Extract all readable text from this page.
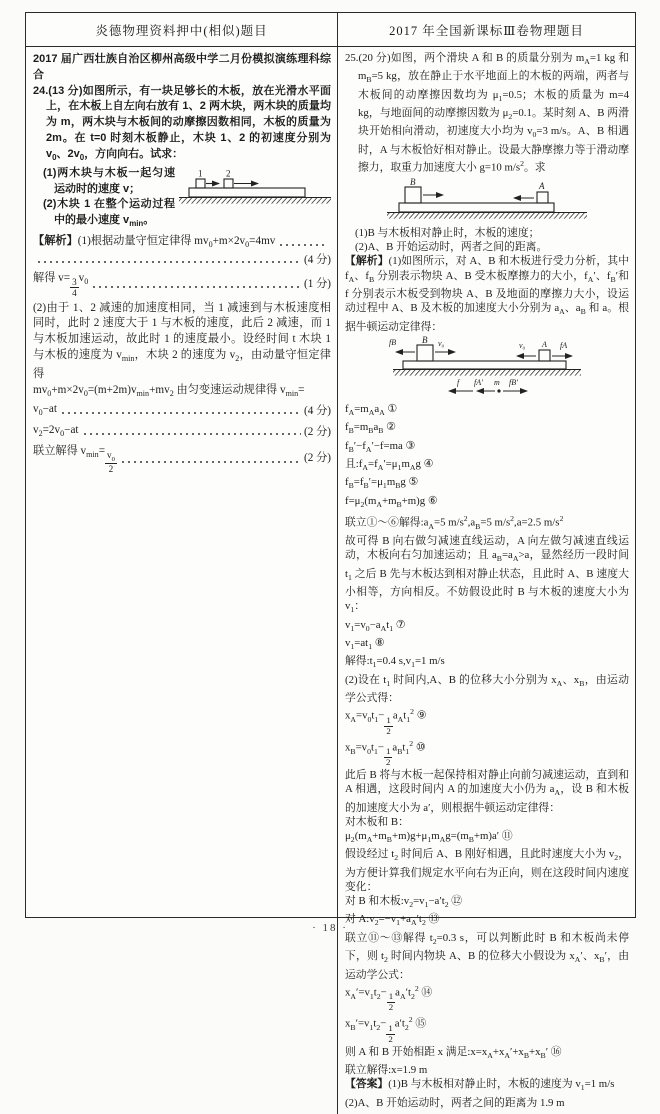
炎德物理资料押中(相似)题目	2017 年全国新课标Ⅲ卷物理题目
2017 届广西壮族自治区柳州高级中学二月份模拟演练理科综合
24.(13 分)如图所示，有一块足够长的木板，放在光滑水平面上，在木板上自左向右放有 1、2 两木块，两木块的质量均为 m，两木块与木板间的动摩擦因数相同，木板的质量为 2m。在 t=0 时刻木板静止，木块 1、2 的初速度分别为 $v_0$、$2v_0$，方向向右。试求：
1	2
(1)两木块与木板一起匀速运动时的速度 v；
(2)木块 1 在整个运动过程中的最小速度 $v_{min}$。
【解析】(1)根据动量守恒定律得 $mv_0+m\times 2v_0=4mv$
(4 分)
解得 $v= \frac{3}{4} v_0$	(1 分)
(2)由于 1、2 减速的加速度相同，当 1 减速到与木板速度相同时，此时 2 速度大于 1 与木板的速度，此后 2 减速，而 1 与木板加速运动，故此时 1 的速度最小。设经时间 t 木块 1 与木板的速度为 $v_{min}$，木块 2 的速度为 $v_2$，由动量守恒定律得
$mv_0+m\times 2v_0=(m+2m)v_{min}+mv_2$ 由匀变速运动规律得 $v_{min}=$
$v_0-at$	(4 分)
$v_2=2v_0-at$	(2 分)
联立解得 $v_{min}= \frac{v_0}{2}$	(2 分)
25.(20 分)如图，两个滑块 A 和 B 的质量分别为 $m_A=1$ kg 和 $m_B=5$ kg，放在静止于水平地面上的木板的两端，两者与木板间的动摩擦因数均为 $\mu_1=0.5$；木板的质量为 m=4 kg，与地面间的动摩擦因数为 $\mu_2=0.1$。某时刻 A、B 两滑块开始相向滑动，初速度大小均为 $v_0=3$ m/s。A、B 相遇时，A 与木板恰好相对静止。设最大静摩擦力等于滑动摩擦力，取重力加速度大小 g=10 $m/s^2$。求
B	A
(1)B 与木板相对静止时，木板的速度；
(2)A、B 开始运动时，两者之间的距离。
【解析】(1)如图所示，对 A、B 和木板进行受力分析，其中 $f_A$、$f_B$ 分别表示物块 A、B 受木板摩擦力的大小，$f_A'$、$f_B'$和 f 分别表示木板受到物块 A、B 及地面的摩擦力大小，设运动过程中 A、B 及木板的加速度大小分别为 $a_A$、$a_B$ 和 a。根据牛顿运动定律得：
B
fB	v₀	A
v₀	fA
f fA′ m fB′
$f_A=m_Aa_A$ ①
$f_B=m_Ba_B$ ②
$f_B'-f_A'-f=ma$ ③
且$:f_A=f_A'=\mu_1m_Ag$ ④
$f_B=f_B'=\mu_1m_Bg$ ⑤
$f=\mu_2(m_A+m_B+m)g$ ⑥
联立①～⑥解得$:a_A=5$ $m/s^2,a_B=5$ $m/s^2,a=2.5$ $m/s^2$
故可得 B 向右做匀减速直线运动，A 向左做匀减速直线运动，木板向右匀加速运动；且 $a_B=a_A>a$，显然经历一段时间 $t_1$ 之后 B 先与木板达到相对静止状态，且此时 A、B 速度大小相等，方向相反。不妨假设此时 B 与木板的速度大小为 $v_1$：
$v_1=v_0-a_At_1$ ⑦
$v_1=at_1$ ⑧
解得$:t_1=0.4$ $s,v_1=1$ m/s
(2)设在 $t_1$ 时间内,A、B 的位移大小分别为 $x_A$、$x_B$，由运动学公式得：
$x_A=v_0t_1- \frac{1}{2} a_At_1^2$ ⑨
$x_B=v_0t_1- \frac{1}{2} a_Bt_1^2$ ⑩
此后 B 将与木板一起保持相对静止向前匀减速运动，直到和 A 相遇，这段时间内 A 的加速度大小仍为 $a_A$，设 B 和木板的加速度大小为 a′，则根据牛顿运动定律得：
对木板和 B：
$\mu_2(m_A+m_B+m)g+\mu_1m_Ag=(m_B+m)a'$ ⑪
假设经过 $t_2$ 时间后 A、B 刚好相遇，且此时速度大小为 $v_2$，为方便计算我们规定水平向右为正向，则在这段时间内速度变化：
对 B 和木板$:v_2=v_1-a't_2$ ⑫
对 $A:v_2=-v_1+a_A't_2$ ⑬
联立⑪～⑬解得 $t_2=0.3$ s，可以判断此时 B 和木板尚未停下，则 $t_2$ 时间内物块 A、B 的位移大小假设为 $x_A'$、$x_B'$，由运动学公式：
$x_A'=v_1t_2- \frac{1}{2} a_A't_2^2$ ⑭
$x_B'=v_1t_2- \frac{1}{2} a't_2^2$ ⑮
则 A 和 B 开始相距 x 满足$:x=x_A+x_A'+x_B+x_B'$ ⑯
联立解得:x=1.9 m
【答案】(1)B 与木板相对静止时，木板的速度为 $v_1=1$ m/s
(2)A、B 开始运动时，两者之间的距离为 1.9 m
· 18 ·
